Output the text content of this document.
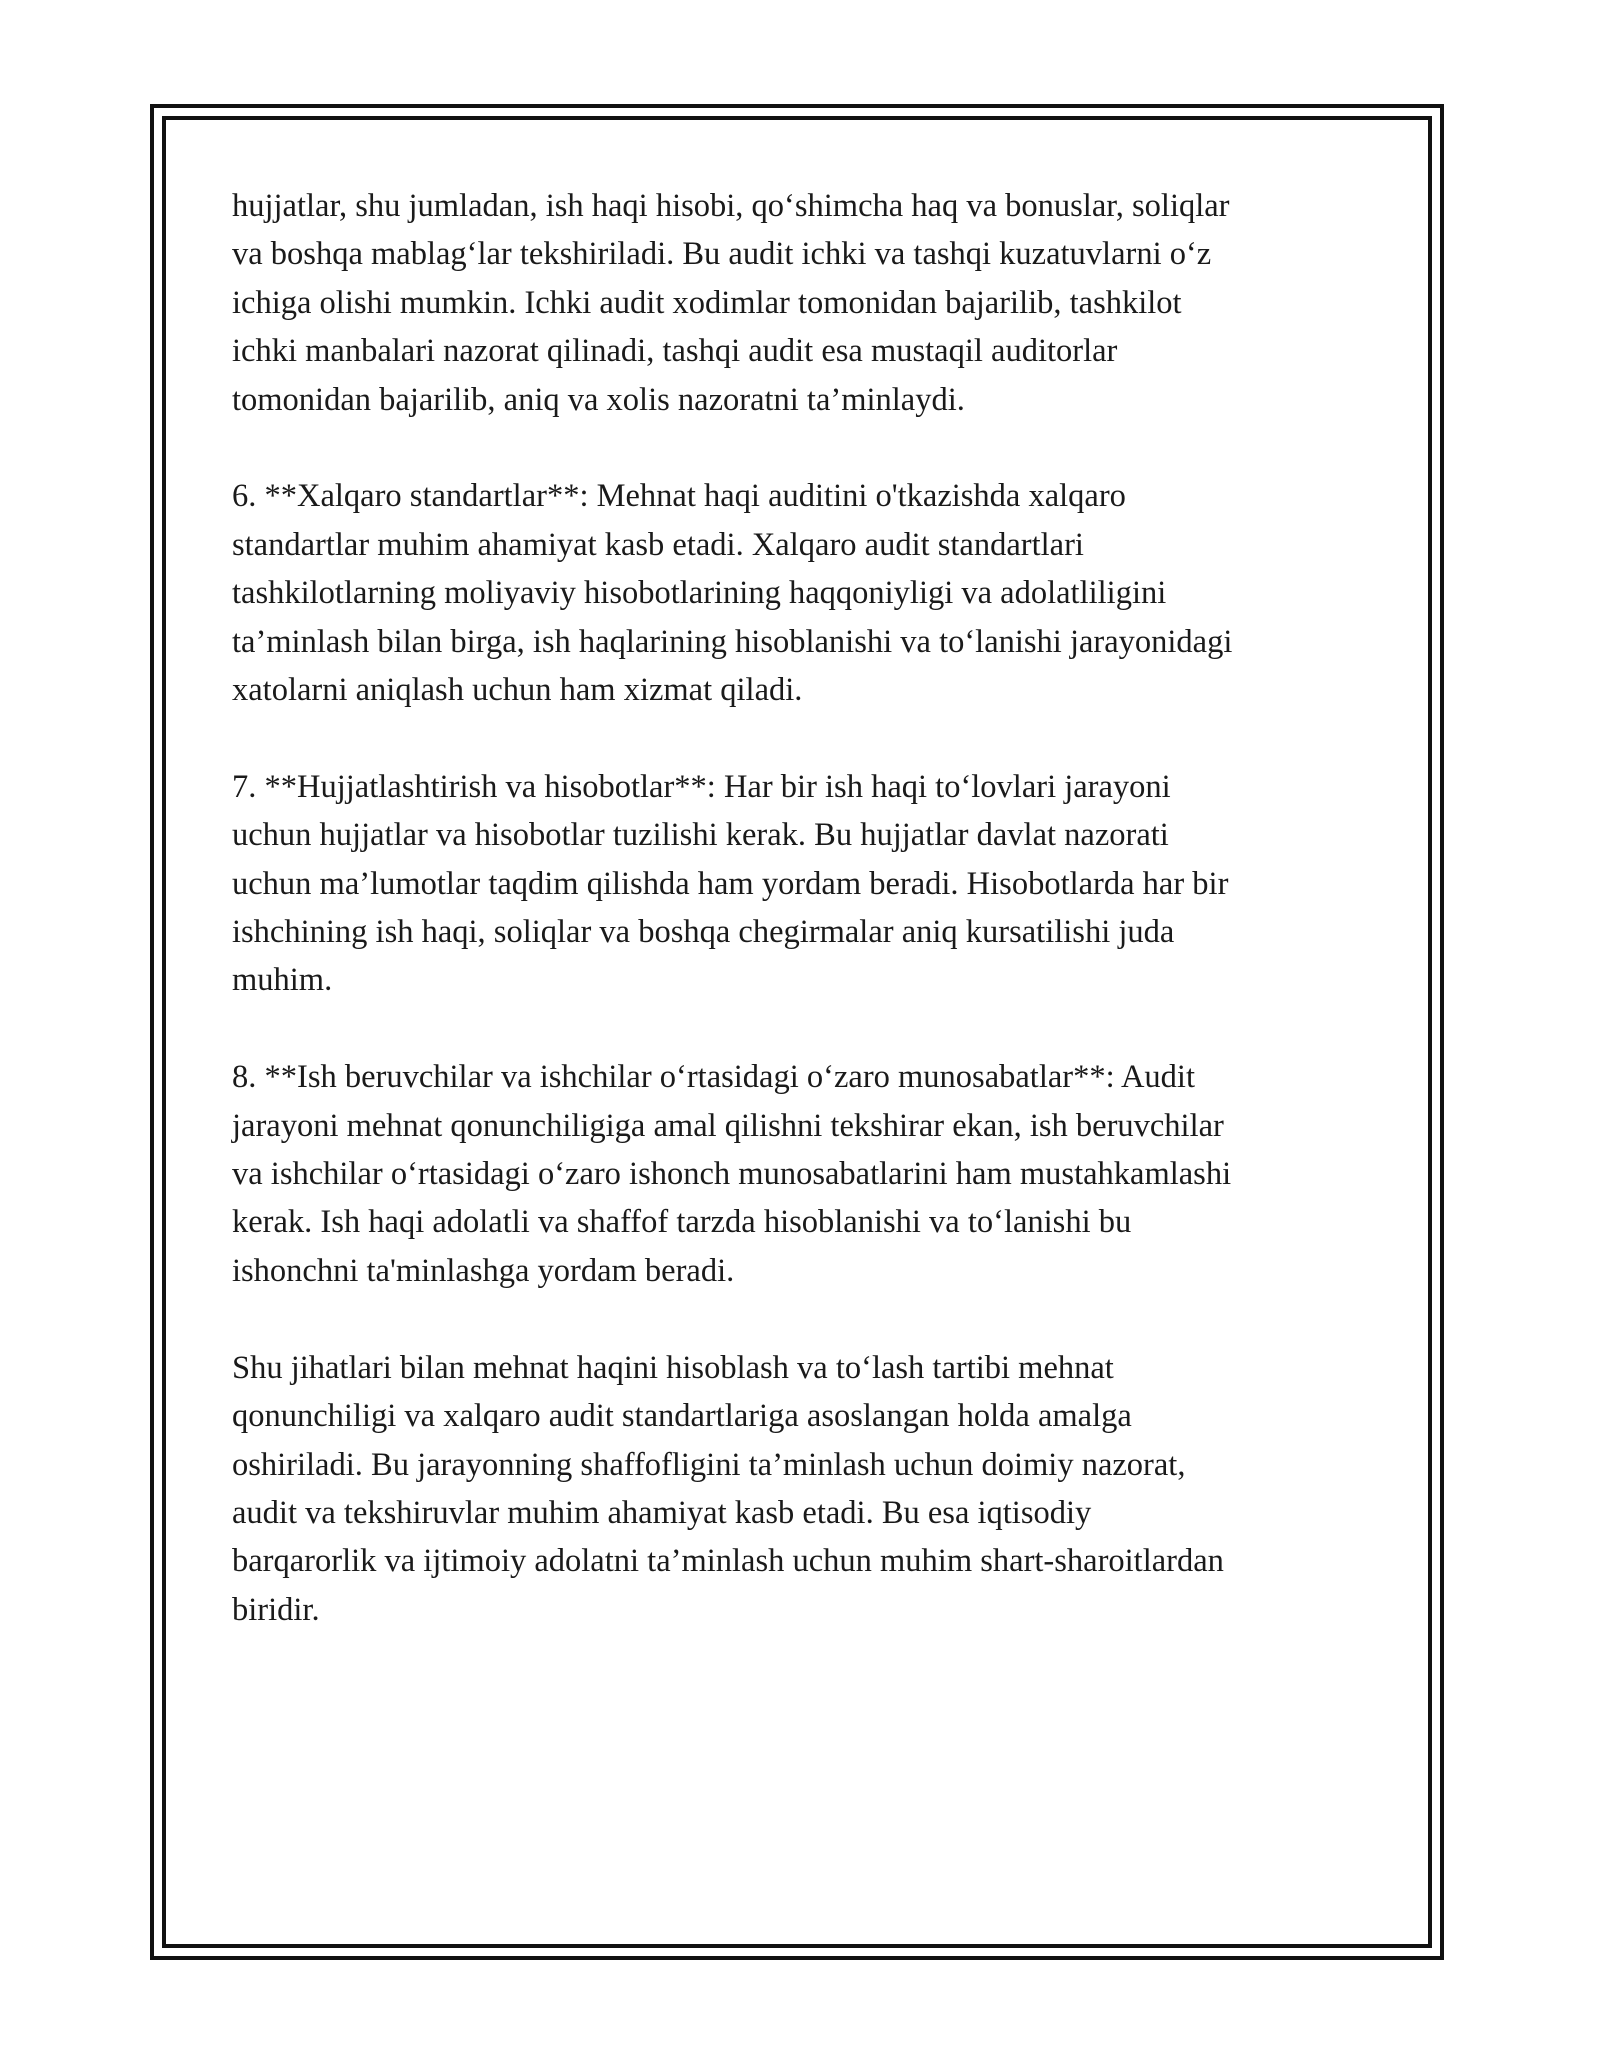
hujjatlar, shu jumladan, ish haqi hisobi, qo‘shimcha haq va bonuslar, soliqlar
va boshqa mablag‘lar tekshiriladi. Bu audit ichki va tashqi kuzatuvlarni o‘z
ichiga olishi mumkin. Ichki audit xodimlar tomonidan bajarilib, tashkilot
ichki manbalari nazorat qilinadi, tashqi audit esa mustaqil auditorlar
tomonidan bajarilib, aniq va xolis nazoratni ta’minlaydi.

6. **Xalqaro standartlar**: Mehnat haqi auditini o'tkazishda xalqaro
standartlar muhim ahamiyat kasb etadi. Xalqaro audit standartlari
tashkilotlarning moliyaviy hisobotlarining haqqoniyligi va adolatliligini
ta’minlash bilan birga, ish haqlarining hisoblanishi va to‘lanishi jarayonidagi
xatolarni aniqlash uchun ham xizmat qiladi.

7. **Hujjatlashtirish va hisobotlar**: Har bir ish haqi to‘lovlari jarayoni
uchun hujjatlar va hisobotlar tuzilishi kerak. Bu hujjatlar davlat nazorati
uchun ma’lumotlar taqdim qilishda ham yordam beradi. Hisobotlarda har bir
ishchining ish haqi, soliqlar va boshqa chegirmalar aniq kursatilishi juda
muhim.

8. **Ish beruvchilar va ishchilar o‘rtasidagi o‘zaro munosabatlar**: Audit
jarayoni mehnat qonunchiligiga amal qilishni tekshirar ekan, ish beruvchilar
va ishchilar o‘rtasidagi o‘zaro ishonch munosabatlarini ham mustahkamlashi
kerak. Ish haqi adolatli va shaffof tarzda hisoblanishi va to‘lanishi bu
ishonchni ta'minlashga yordam beradi.

Shu jihatlari bilan mehnat haqini hisoblash va to‘lash tartibi mehnat
qonunchiligi va xalqaro audit standartlariga asoslangan holda amalga
oshiriladi. Bu jarayonning shaffofligini ta’minlash uchun doimiy nazorat,
audit va tekshiruvlar muhim ahamiyat kasb etadi. Bu esa iqtisodiy
barqarorlik va ijtimoiy adolatni ta’minlash uchun muhim shart-sharoitlardan
biridir.
